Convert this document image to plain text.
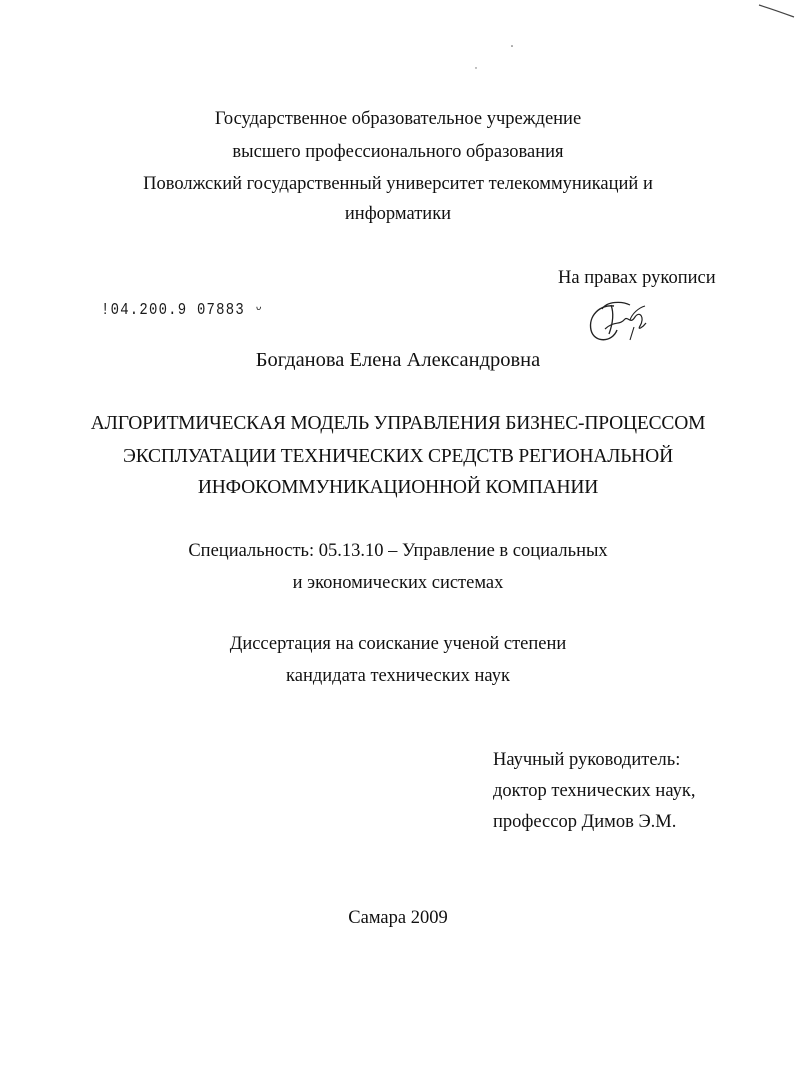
Государственное образовательное учреждение
высшего профессионального образования
Поволжский государственный университет телекоммуникаций и
информатики
На правах рукописи
!04.200.9 07883 ᵕ
Богданова Елена Александровна
АЛГОРИТМИЧЕСКАЯ МОДЕЛЬ УПРАВЛЕНИЯ БИЗНЕС-ПРОЦЕССОМ
ЭКСПЛУАТАЦИИ ТЕХНИЧЕСКИХ СРЕДСТВ РЕГИОНАЛЬНОЙ
ИНФОКОММУНИКАЦИОННОЙ КОМПАНИИ
Специальность: 05.13.10 – Управление в социальных
и экономических системах
Диссертация на соискание ученой степени
кандидата технических наук
Научный руководитель:
доктор технических наук,
профессор Димов Э.М.
Самара 2009
